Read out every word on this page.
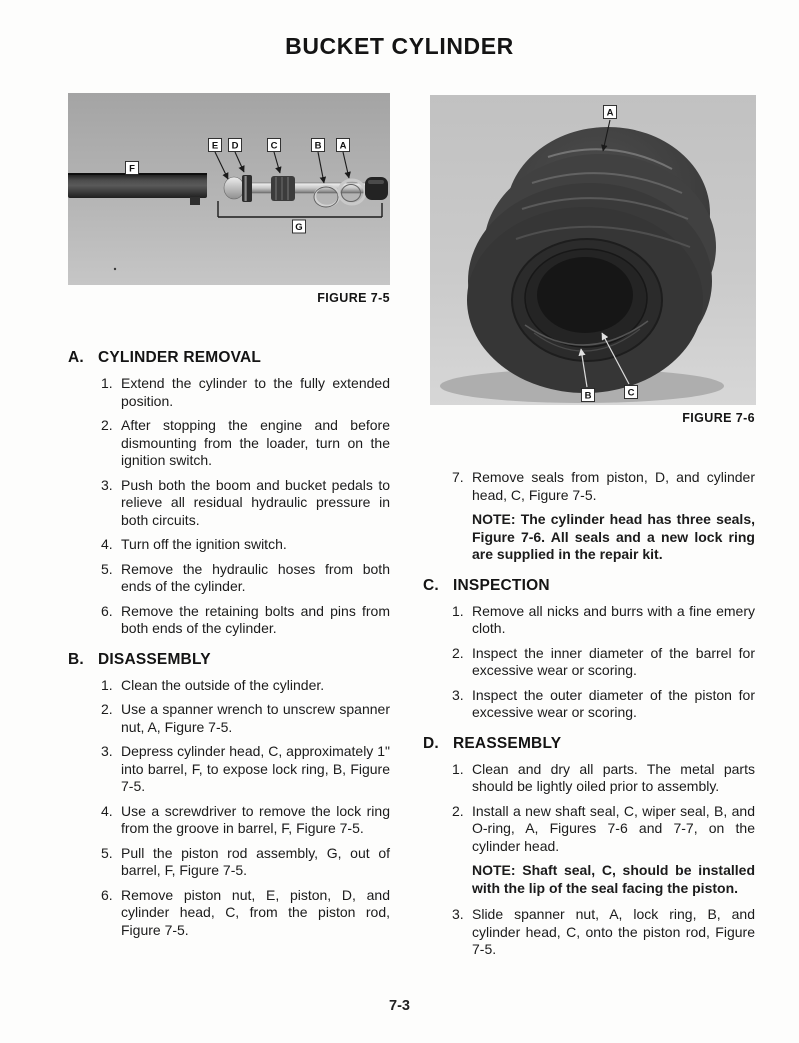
BUCKET CYLINDER
E D	C	B A
F
G
FIGURE 7-5
A. CYLINDER REMOVAL
1. Extend the cylinder to the fully extended position.
2. After stopping the engine and before dismounting from the loader, turn on the ignition switch.
3. Push both the boom and bucket pedals to relieve all residual hydraulic pressure in both circuits.
4. Turn off the ignition switch.
5. Remove the hydraulic hoses from both ends of the cylinder.
6. Remove the retaining bolts and pins from both ends of the cylinder.
B. DISASSEMBLY
1. Clean the outside of the cylinder.
2. Use a spanner wrench to unscrew spanner nut, A, Figure 7-5.
3. Depress cylinder head, C, approximately 1" into barrel, F, to expose lock ring, B, Figure 7-5.
4. Use a screwdriver to remove the lock ring from the groove in barrel, F, Figure 7-5.
5. Pull the piston rod assembly, G, out of barrel, F, Figure 7-5.
6. Remove piston nut, E, piston, D, and cylinder head, C, from the piston rod, Figure 7-5.
A
B	C
FIGURE 7-6
7. Remove seals from piston, D, and cylinder head, C, Figure 7-5.
NOTE: The cylinder head has three seals, Figure 7-6. All seals and a new lock ring are supplied in the repair kit.
C. INSPECTION
1. Remove all nicks and burrs with a fine emery cloth.
2. Inspect the inner diameter of the barrel for excessive wear or scoring.
3. Inspect the outer diameter of the piston for excessive wear or scoring.
D. REASSEMBLY
1. Clean and dry all parts. The metal parts should be lightly oiled prior to assembly.
2. Install a new shaft seal, C, wiper seal, B, and O-ring, A, Figures 7-6 and 7-7, on the cylinder head.
NOTE: Shaft seal, C, should be installed with the lip of the seal facing the piston.
3. Slide spanner nut, A, lock ring, B, and cylinder head, C, onto the piston rod, Figure 7-5.
7-3
